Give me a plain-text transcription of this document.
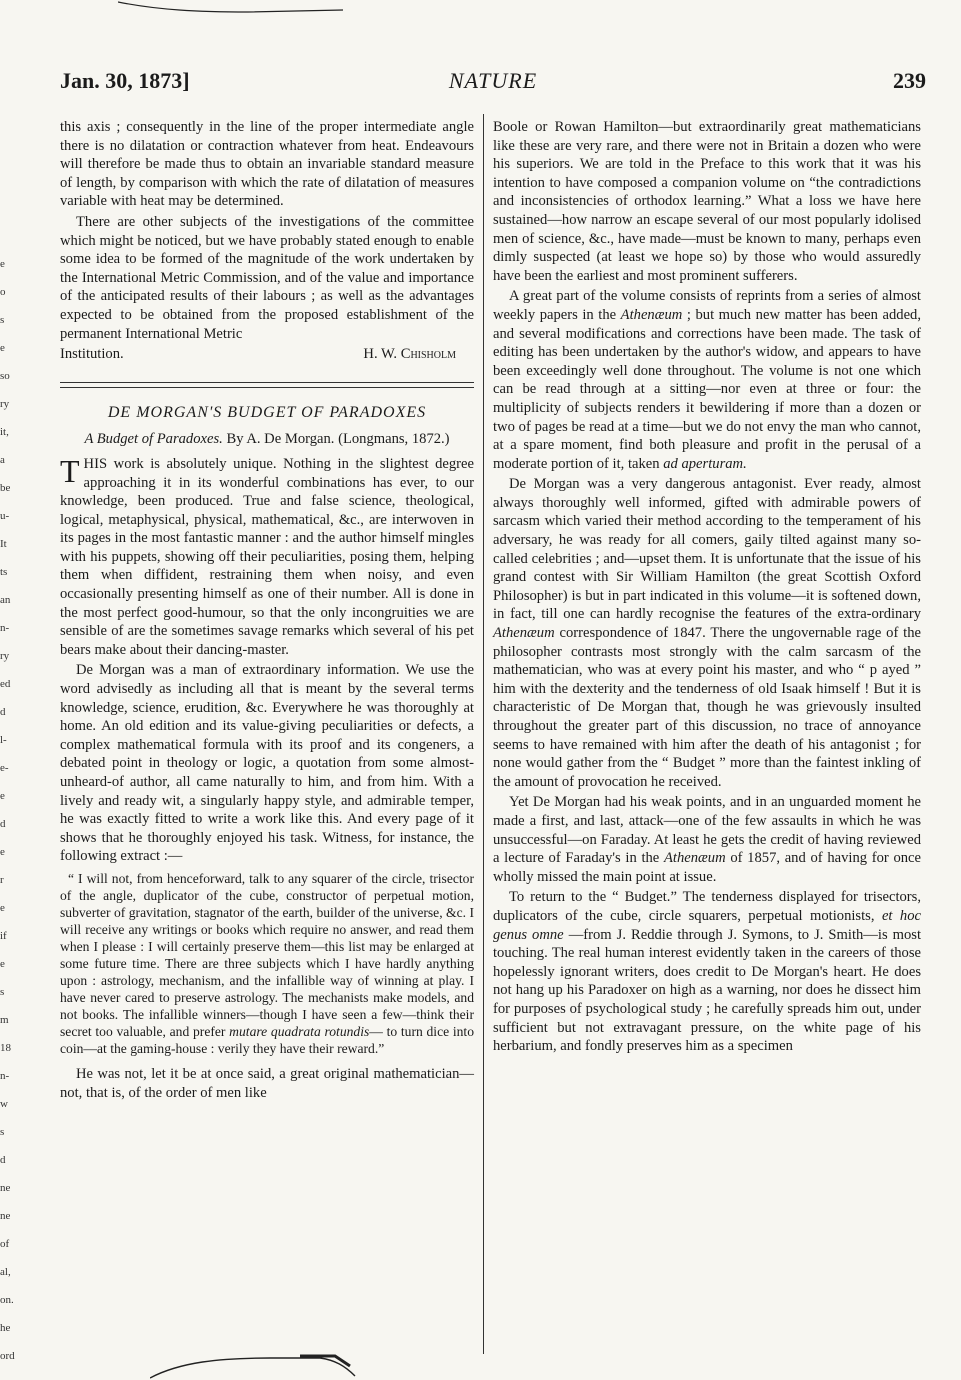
e
o
s
e
so
ry
it,
a
be
u-
It
ts
an
n-
ry
ed
d
l-
e-
e
d
e
r
e
if
e
s
m
18
n-
w
s
d
ne
ne
of
al,
on.
he
ord
Jan. 30, 1873]	NATURE	239

this axis ; consequently in the line of the proper intermediate angle there is no dilatation or contraction whatever from heat. Endeavours will therefore be made thus to obtain an invariable standard measure of length, by comparison with which the rate of dilatation of measures variable with heat may be determined.

There are other subjects of the investigations of the committee which might be noticed, but we have probably stated enough to enable some idea to be formed of the magnitude of the work undertaken by the International Metric Commission, and of the value and importance of the anticipated results of their labours ; as well as the advantages expected to be obtained from the proposed establishment of the permanent International Metric

Institution.	H. W. Chisholm

DE MORGAN'S BUDGET OF PARADOXES

A Budget of Paradoxes. By A. De Morgan. (Longmans, 1872.)

THIS work is absolutely unique. Nothing in the slightest degree approaching it in its wonderful combinations has ever, to our knowledge, been produced. True and false science, theological, logical, metaphysical, physical, mathematical, &c., are interwoven in its pages in the most fantastic manner : and the author himself mingles with his puppets, showing off their peculiarities, posing them, helping them when diffident, restraining them when noisy, and even occasionally presenting himself as one of their number. All is done in the most perfect good-humour, so that the only incongruities we are sensible of are the sometimes savage remarks which several of his pet bears make about their dancing-master.

De Morgan was a man of extraordinary information. We use the word advisedly as including all that is meant by the several terms knowledge, science, erudition, &c. Everywhere he was thoroughly at home. An old edition and its value-giving peculiarities or defects, a complex mathematical formula with its proof and its congeners, a debated point in theology or logic, a quotation from some almost-unheard-of author, all came naturally to him, and from him. With a lively and ready wit, a singularly happy style, and admirable temper, he was exactly fitted to write a work like this. And every page of it shows that he thoroughly enjoyed his task. Witness, for instance, the following extract :—

“ I will not, from henceforward, talk to any squarer of the circle, trisector of the angle, duplicator of the cube, constructor of perpetual motion, subverter of gravitation, stagnator of the earth, builder of the universe, &c. I will receive any writings or books which require no answer, and read them when I please : I will certainly preserve them—this list may be enlarged at some future time. There are three subjects which I have hardly anything upon : astrology, mechanism, and the infallible way of winning at play. I have never cared to preserve astrology. The mechanists make models, and not books. The infallible winners—though I have seen a few—think their secret too valuable, and prefer mutare quadrata rotundis— to turn dice into coin—at the gaming-house : verily they have their reward.”

He was not, let it be at once said, a great original mathematician—not, that is, of the order of men like

Boole or Rowan Hamilton—but extraordinarily great mathematicians like these are very rare, and there were not in Britain a dozen who were his superiors. We are told in the Preface to this work that it was his intention to have composed a companion volume on “the contradictions and inconsistencies of orthodox learning.” What a loss we have here sustained—how narrow an escape several of our most popularly idolised men of science, &c., have made—must be known to many, perhaps even dimly suspected (at least we hope so) by those who would assuredly have been the earliest and most prominent sufferers.

A great part of the volume consists of reprints from a series of almost weekly papers in the Athenæum ; but much new matter has been added, and several modifications and corrections have been made. The task of editing has been undertaken by the author's widow, and appears to have been exceedingly well done throughout. The volume is not one which can be read through at a sitting—nor even at three or four: the multiplicity of subjects renders it bewildering if more than a dozen or two of pages be read at a time—but we do not envy the man who cannot, at a spare moment, find both pleasure and profit in the perusal of a moderate portion of it, taken ad aperturam.

De Morgan was a very dangerous antagonist. Ever ready, almost always thoroughly well informed, gifted with admirable powers of sarcasm which varied their method according to the temperament of his adversary, he was ready for all comers, gaily tilted against many so-called celebrities ; and—upset them. It is unfortunate that the issue of his grand contest with Sir William Hamilton (the great Scottish Oxford Philosopher) is but in part indicated in this volume—it is softened down, in fact, till one can hardly recognise the features of the extra-ordinary Athenæum correspondence of 1847. There the ungovernable rage of the philosopher contrasts most strongly with the calm sarcasm of the mathematician, who was at every point his master, and who “ p ayed ” him with the dexterity and the tenderness of old Isaak himself ! But it is characteristic of De Morgan that, though he was grievously insulted throughout the greater part of this discussion, no trace of annoyance seems to have remained with him after the death of his antagonist ; for none would gather from the “ Budget ” more than the faintest inkling of the amount of provocation he received.

Yet De Morgan had his weak points, and in an unguarded moment he made a first, and last, attack—one of the few assaults in which he was unsuccessful—on Faraday. At least he gets the credit of having reviewed a lecture of Faraday's in the Athenæum of 1857, and of having for once wholly missed the main point at issue.

To return to the “ Budget.” The tenderness displayed for trisectors, duplicators of the cube, circle squarers, perpetual motionists, et hoc genus omne —from J. Reddie through J. Symons, to J. Smith—is most touching. The real human interest evidently taken in the careers of those hopelessly ignorant writers, does credit to De Morgan's heart. He does not hang up his Paradoxer on high as a warning, nor does he dissect him for purposes of psychological study ; he carefully spreads him out, under sufficient but not extravagant pressure, on the white page of his herbarium, and fondly preserves him as a specimen
